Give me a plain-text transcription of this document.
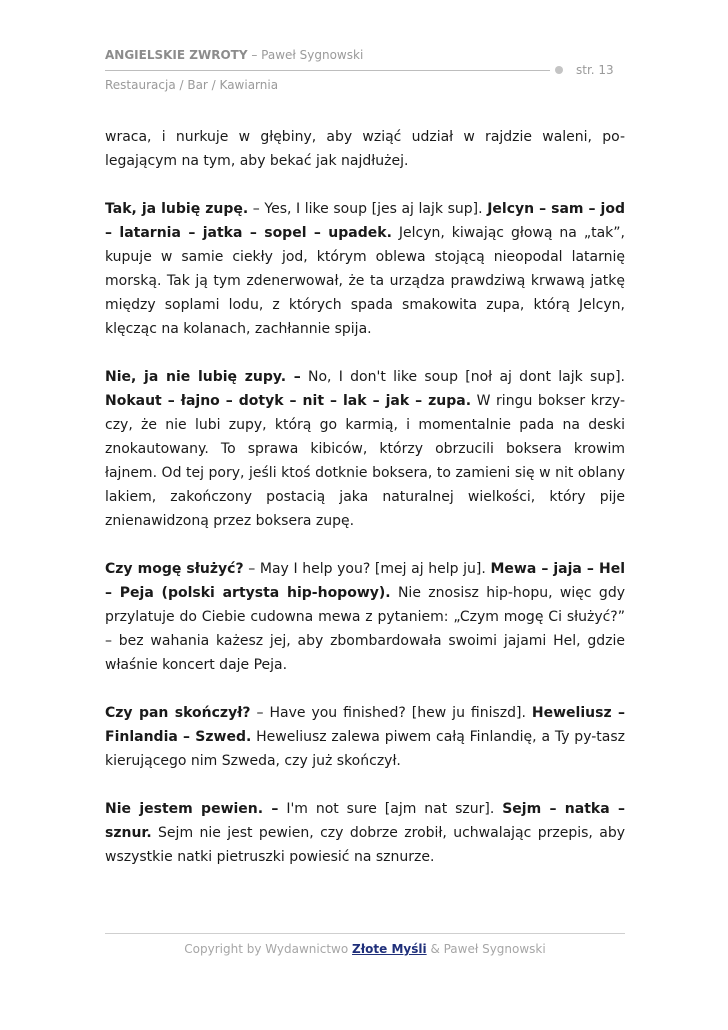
ANGIELSKIE ZWROTY – Paweł Sygnowski
str. 13
Restauracja / Bar / Kawiarnia

wraca, i nurkuje w głębiny, aby wziąć udział w rajdzie waleni, po-legającym na tym, aby bekać jak najdłużej.

Tak, ja lubię zupę. – Yes, I like soup [jes aj lajk sup]. Jelcyn – sam – jod – latarnia – jatka – sopel – upadek. Jelcyn, kiwając głową na „tak”, kupuje w samie ciekły jod, którym oblewa stojącą nieopodal latarnię morską. Tak ją tym zdenerwował, że ta urządza prawdziwą krwawą jatkę między soplami lodu, z których spada smakowita zupa, którą Jelcyn, klęcząc na kolanach, zachłannie spija.

Nie, ja nie lubię zupy. – No, I don't like soup [noł aj dont lajk sup]. Nokaut – łajno – dotyk – nit – lak – jak – zupa. W ringu bokser krzy-czy, że nie lubi zupy, którą go karmią, i momentalnie pada na deski znokautowany. To sprawa kibiców, którzy obrzucili boksera krowim łajnem. Od tej pory, jeśli ktoś dotknie boksera, to zamieni się w nit oblany lakiem, zakończony postacią jaka naturalnej wielkości, który pije znienawidzoną przez boksera zupę.

Czy mogę służyć? – May I help you? [mej aj help ju]. Mewa – jaja – Hel – Peja (polski artysta hip-hopowy). Nie znosisz hip-hopu, więc gdy przylatuje do Ciebie cudowna mewa z pytaniem: „Czym mogę Ci służyć?” – bez wahania każesz jej, aby zbombardowała swoimi jajami Hel, gdzie właśnie koncert daje Peja.

Czy pan skończył? – Have you finished? [hew ju finiszd]. Heweliusz – Finlandia – Szwed. Heweliusz zalewa piwem całą Finlandię, a Ty py-tasz kierującego nim Szweda, czy już skończył.

Nie jestem pewien. – I'm not sure [ajm nat szur]. Sejm – natka – sznur. Sejm nie jest pewien, czy dobrze zrobił, uchwalając przepis, aby wszystkie natki pietruszki powiesić na sznurze.

Copyright by Wydawnictwo Złote Myśli & Paweł Sygnowski
